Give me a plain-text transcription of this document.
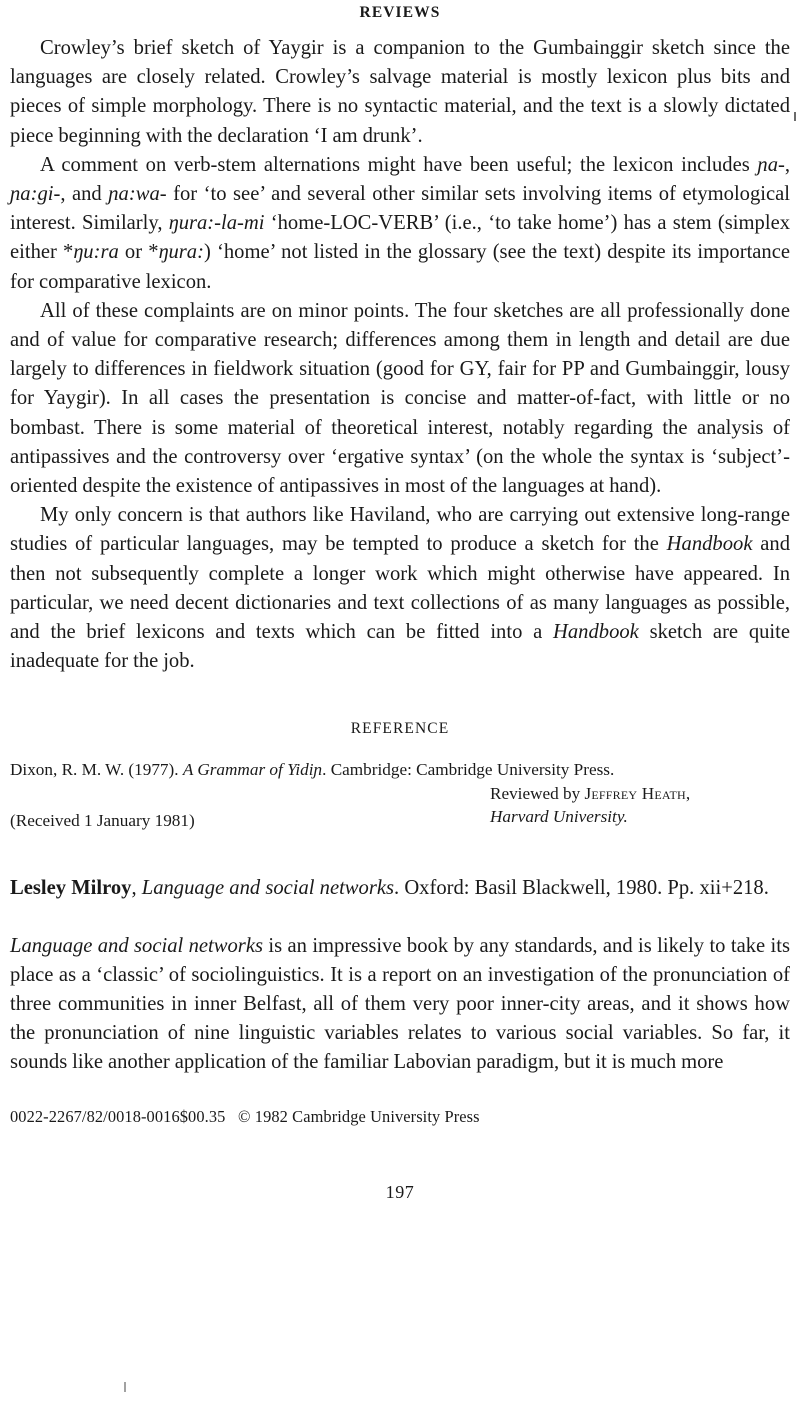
REVIEWS

Crowley’s brief sketch of Yaygir is a companion to the Gumbainggir sketch since the languages are closely related. Crowley’s salvage material is mostly lexicon plus bits and pieces of simple morphology. There is no syntactic material, and the text is a slowly dictated piece beginning with the declaration ‘I am drunk’.

A comment on verb-stem alternations might have been useful; the lexicon includes ɲa-, ɲa:gi-, and ɲa:wa- for ‘to see’ and several other similar sets involving items of etymological interest. Similarly, ŋura:-la-mi ‘home-LOC-VERB’ (i.e., ‘to take home’) has a stem (simplex either *ŋu:ra or *ŋura:) ‘home’ not listed in the glossary (see the text) despite its importance for comparative lexicon.

All of these complaints are on minor points. The four sketches are all professionally done and of value for comparative research; differences among them in length and detail are due largely to differences in fieldwork situation (good for GY, fair for PP and Gumbainggir, lousy for Yaygir). In all cases the presentation is concise and matter-of-fact, with little or no bombast. There is some material of theoretical interest, notably regarding the analysis of antipassives and the controversy over ‘ergative syntax’ (on the whole the syntax is ‘subject’-oriented despite the existence of antipassives in most of the languages at hand).

My only concern is that authors like Haviland, who are carrying out extensive long-range studies of particular languages, may be tempted to produce a sketch for the Handbook and then not subsequently complete a longer work which might otherwise have appeared. In particular, we need decent dictionaries and text collections of as many languages as possible, and the brief lexicons and texts which can be fitted into a Handbook sketch are quite inadequate for the job.

REFERENCE

Dixon, R. M. W. (1977). A Grammar of Yidiɲ. Cambridge: Cambridge University Press.

(Received 1 January 1981)
Reviewed by Jeffrey Heath,
Harvard University.

Lesley Milroy, Language and social networks. Oxford: Basil Blackwell, 1980. Pp. xii+218.

Language and social networks is an impressive book by any standards, and is likely to take its place as a ‘classic’ of sociolinguistics. It is a report on an investigation of the pronunciation of three communities in inner Belfast, all of them very poor inner-city areas, and it shows how the pronunciation of nine linguistic variables relates to various social variables. So far, it sounds like another application of the familiar Labovian paradigm, but it is much more

0022-2267/82/0018-0016$00.35 © 1982 Cambridge University Press

197
